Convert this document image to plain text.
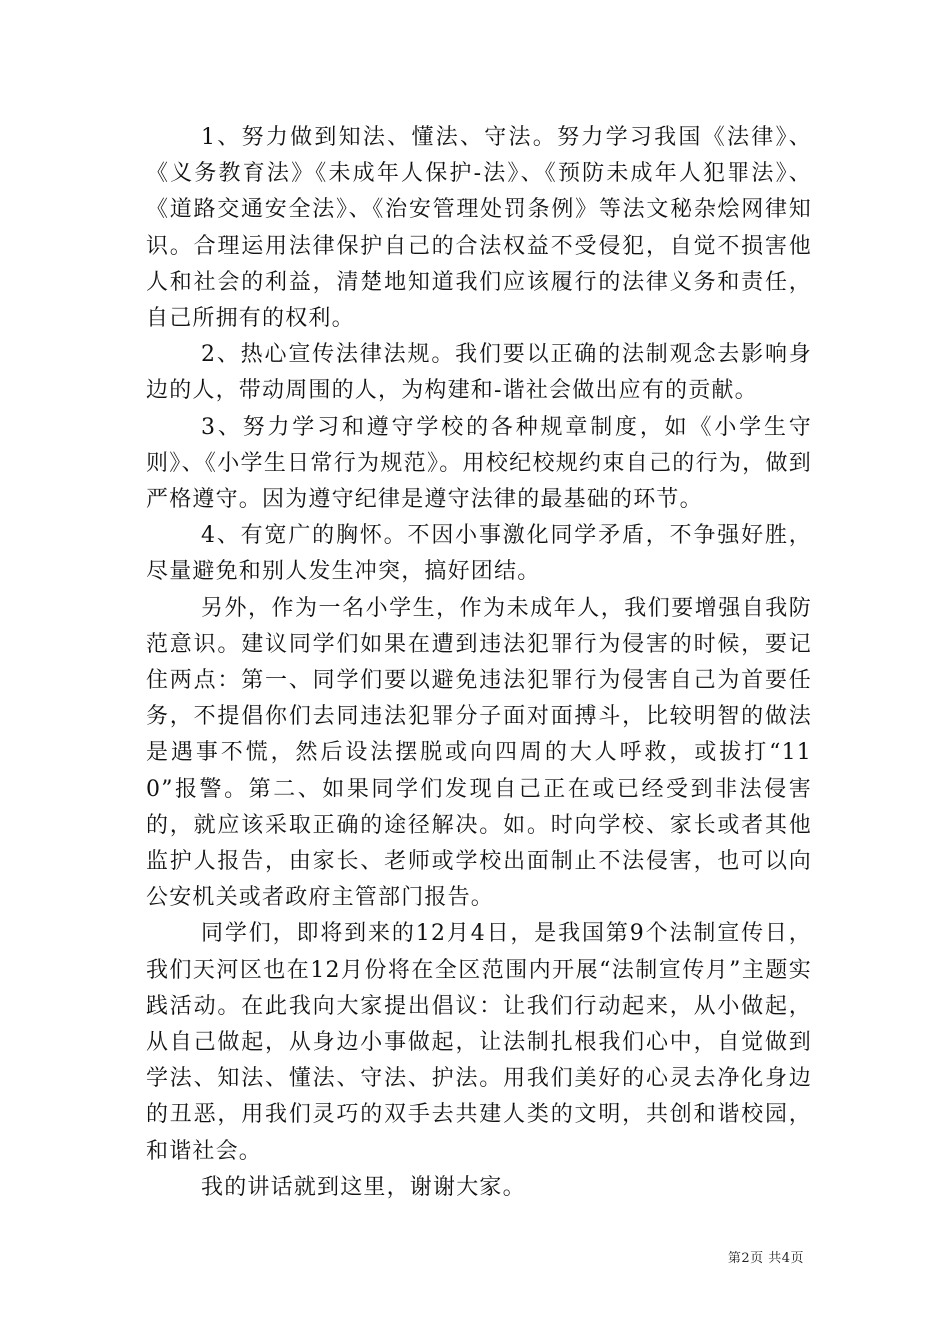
1、努力做到知法、懂法、守法。努力学习我国《法律》、《义务教育法》《未成年人保护-法》、《预防未成年人犯罪法》、《道路交通安全法》、《治安管理处罚条例》等法文秘杂烩网律知识。合理运用法律保护自己的合法权益不受侵犯，自觉不损害他人和社会的利益，清楚地知道我们应该履行的法律义务和责任，自己所拥有的权利。

2、热心宣传法律法规。我们要以正确的法制观念去影响身边的人，带动周围的人，为构建和-谐社会做出应有的贡献。

3、努力学习和遵守学校的各种规章制度，如《小学生守则》、《小学生日常行为规范》。用校纪校规约束自己的行为，做到严格遵守。因为遵守纪律是遵守法律的最基础的环节。

4、有宽广的胸怀。不因小事激化同学矛盾，不争强好胜，尽量避免和别人发生冲突，搞好团结。

另外，作为一名小学生，作为未成年人，我们要增强自我防范意识。建议同学们如果在遭到违法犯罪行为侵害的时候，要记住两点：第一、同学们要以避免违法犯罪行为侵害自己为首要任务，不提倡你们去同违法犯罪分子面对面搏斗，比较明智的做法是遇事不慌，然后设法摆脱或向四周的大人呼救，或拔打“110”报警。第二、如果同学们发现自己正在或已经受到非法侵害的，就应该采取正确的途径解决。如。时向学校、家长或者其他监护人报告，由家长、老师或学校出面制止不法侵害，也可以向公安机关或者政府主管部门报告。

同学们，即将到来的12月4日，是我国第9个法制宣传日，我们天河区也在12月份将在全区范围内开展“法制宣传月”主题实践活动。在此我向大家提出倡议：让我们行动起来，从小做起，从自己做起，从身边小事做起，让法制扎根我们心中，自觉做到学法、知法、懂法、守法、护法。用我们美好的心灵去净化身边的丑恶，用我们灵巧的双手去共建人类的文明，共创和谐校园，和谐社会。

我的讲话就到这里，谢谢大家。

第2页 共4页
